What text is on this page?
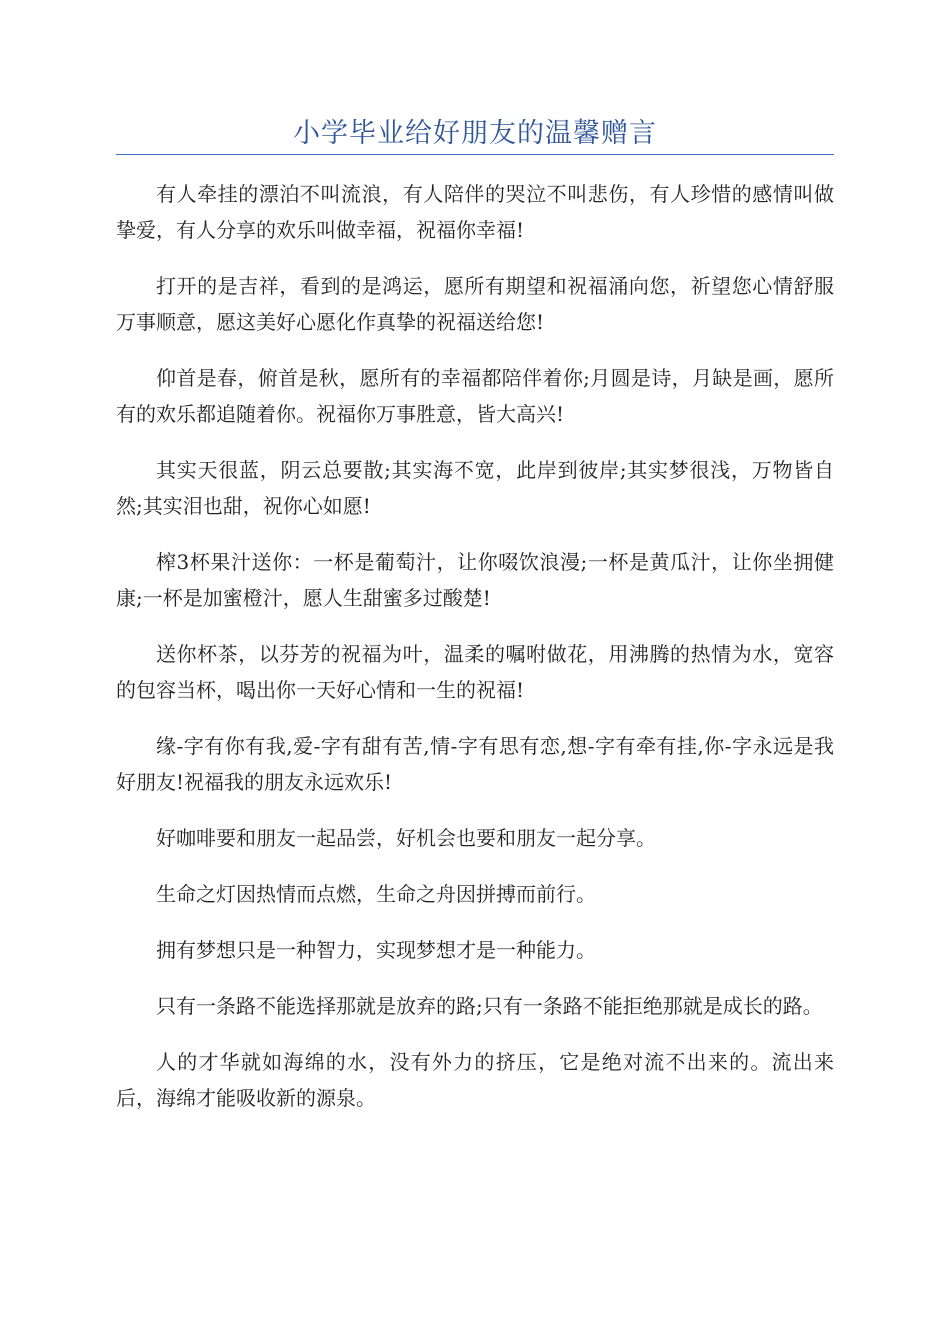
小学毕业给好朋友的温馨赠言

有人牵挂的漂泊不叫流浪，有人陪伴的哭泣不叫悲伤，有人珍惜的感情叫做挚爱，有人分享的欢乐叫做幸福，祝福你幸福!

打开的是吉祥，看到的是鸿运，愿所有期望和祝福涌向您，祈望您心情舒服万事顺意，愿这美好心愿化作真挚的祝福送给您!

仰首是春，俯首是秋，愿所有的幸福都陪伴着你;月圆是诗，月缺是画，愿所有的欢乐都追随着你。祝福你万事胜意，皆大高兴!

其实天很蓝，阴云总要散;其实海不宽，此岸到彼岸;其实梦很浅，万物皆自然;其实泪也甜，祝你心如愿!

榨3杯果汁送你：一杯是葡萄汁，让你啜饮浪漫;一杯是黄瓜汁，让你坐拥健康;一杯是加蜜橙汁，愿人生甜蜜多过酸楚!

送你杯茶，以芬芳的祝福为叶，温柔的嘱咐做花，用沸腾的热情为水，宽容的包容当杯，喝出你一天好心情和一生的祝福!

缘-字有你有我,爱-字有甜有苦,情-字有思有恋,想-字有牵有挂,你-字永远是我好朋友!祝福我的朋友永远欢乐!

好咖啡要和朋友一起品尝，好机会也要和朋友一起分享。

生命之灯因热情而点燃，生命之舟因拼搏而前行。

拥有梦想只是一种智力，实现梦想才是一种能力。

只有一条路不能选择那就是放弃的路;只有一条路不能拒绝那就是成长的路。

人的才华就如海绵的水，没有外力的挤压，它是绝对流不出来的。流出来后，海绵才能吸收新的源泉。
